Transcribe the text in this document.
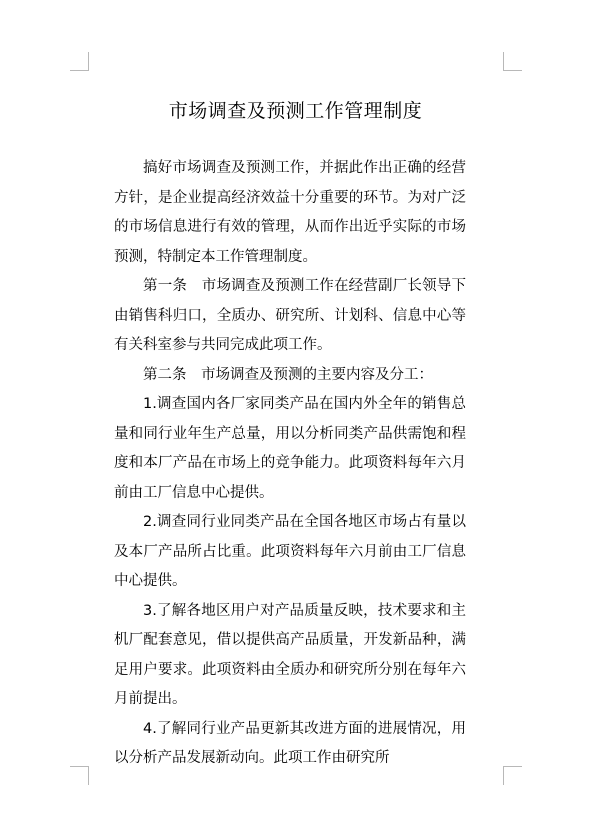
市场调查及预测工作管理制度

搞好市场调查及预测工作，并据此作出正确的经营方针，是企业提高经济效益十分重要的环节。为对广泛的市场信息进行有效的管理，从而作出近乎实际的市场预测，特制定本工作管理制度。

第一条　市场调查及预测工作在经营副厂长领导下由销售科归口，全质办、研究所、计划科、信息中心等有关科室参与共同完成此项工作。

第二条　市场调查及预测的主要内容及分工：

1.调查国内各厂家同类产品在国内外全年的销售总量和同行业年生产总量，用以分析同类产品供需饱和程度和本厂产品在市场上的竞争能力。此项资料每年六月前由工厂信息中心提供。

2.调查同行业同类产品在全国各地区市场占有量以及本厂产品所占比重。此项资料每年六月前由工厂信息中心提供。

3.了解各地区用户对产品质量反映，技术要求和主机厂配套意见，借以提供高产品质量，开发新品种，满足用户要求。此项资料由全质办和研究所分别在每年六月前提出。

4.了解同行业产品更新其改进方面的进展情况，用以分析产品发展新动向。此项工作由研究所
